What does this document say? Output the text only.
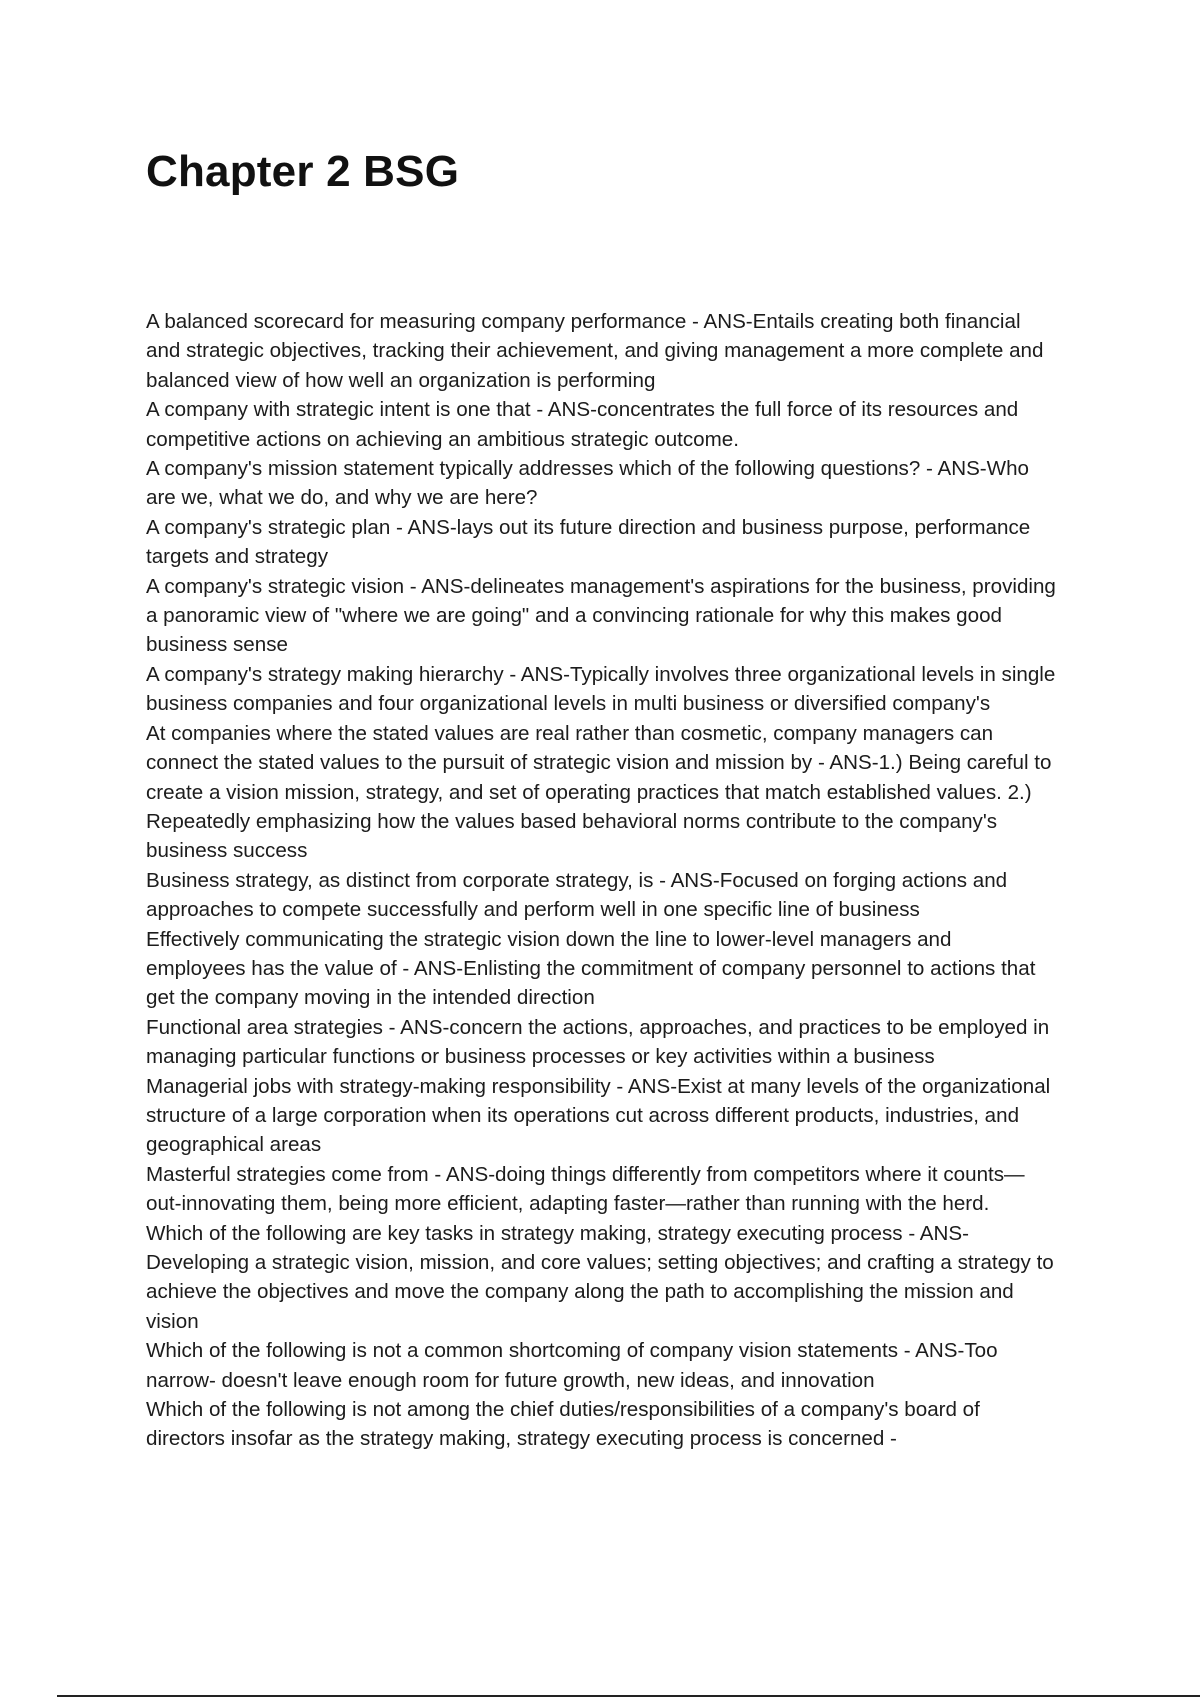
Chapter 2 BSG

A balanced scorecard for measuring company performance - ANS-Entails creating both financial and strategic objectives, tracking their achievement, and giving management a more complete and balanced view of how well an organization is performing

A company with strategic intent is one that - ANS-concentrates the full force of its resources and competitive actions on achieving an ambitious strategic outcome.

A company's mission statement typically addresses which of the following questions? - ANS-Who are we, what we do, and why we are here?

A company's strategic plan - ANS-lays out its future direction and business purpose, performance targets and strategy

A company's strategic vision - ANS-delineates management's aspirations for the business, providing a panoramic view of "where we are going" and a convincing rationale for why this makes good business sense

A company's strategy making hierarchy - ANS-Typically involves three organizational levels in single business companies and four organizational levels in multi business or diversified company's

At companies where the stated values are real rather than cosmetic, company managers can connect the stated values to the pursuit of strategic vision and mission by - ANS-1.) Being careful to create a vision mission, strategy, and set of operating practices that match established values. 2.) Repeatedly emphasizing how the values based behavioral norms contribute to the company's business success

Business strategy, as distinct from corporate strategy, is - ANS-Focused on forging actions and approaches to compete successfully and perform well in one specific line of business

Effectively communicating the strategic vision down the line to lower-level managers and employees has the value of - ANS-Enlisting the commitment of company personnel to actions that get the company moving in the intended direction

Functional area strategies - ANS-concern the actions, approaches, and practices to be employed in managing particular functions or business processes or key activities within a business

Managerial jobs with strategy-making responsibility - ANS-Exist at many levels of the organizational structure of a large corporation when its operations cut across different products, industries, and geographical areas

Masterful strategies come from - ANS-doing things differently from competitors where it counts—out-innovating them, being more efficient, adapting faster—rather than running with the herd.

Which of the following are key tasks in strategy making, strategy executing process - ANS-Developing a strategic vision, mission, and core values; setting objectives; and crafting a strategy to achieve the objectives and move the company along the path to accomplishing the mission and vision

Which of the following is not a common shortcoming of company vision statements - ANS-Too narrow- doesn't leave enough room for future growth, new ideas, and innovation

Which of the following is not among the chief duties/responsibilities of a company's board of directors insofar as the strategy making, strategy executing process is concerned -
